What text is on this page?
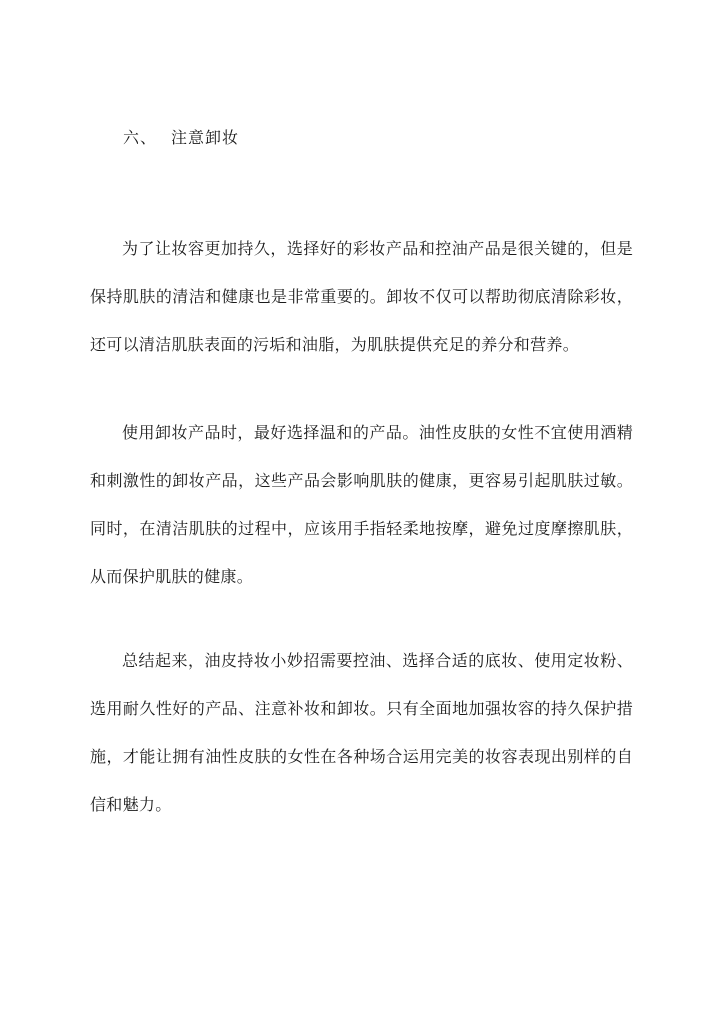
六、 注意卸妆

为了让妆容更加持久，选择好的彩妆产品和控油产品是很关键的，但是保持肌肤的清洁和健康也是非常重要的。卸妆不仅可以帮助彻底清除彩妆，还可以清洁肌肤表面的污垢和油脂，为肌肤提供充足的养分和营养。

使用卸妆产品时，最好选择温和的产品。油性皮肤的女性不宜使用酒精和刺激性的卸妆产品，这些产品会影响肌肤的健康，更容易引起肌肤过敏。同时，在清洁肌肤的过程中，应该用手指轻柔地按摩，避免过度摩擦肌肤，从而保护肌肤的健康。

总结起来，油皮持妆小妙招需要控油、选择合适的底妆、使用定妆粉、选用耐久性好的产品、注意补妆和卸妆。只有全面地加强妆容的持久保护措施，才能让拥有油性皮肤的女性在各种场合运用完美的妆容表现出别样的自信和魅力。
